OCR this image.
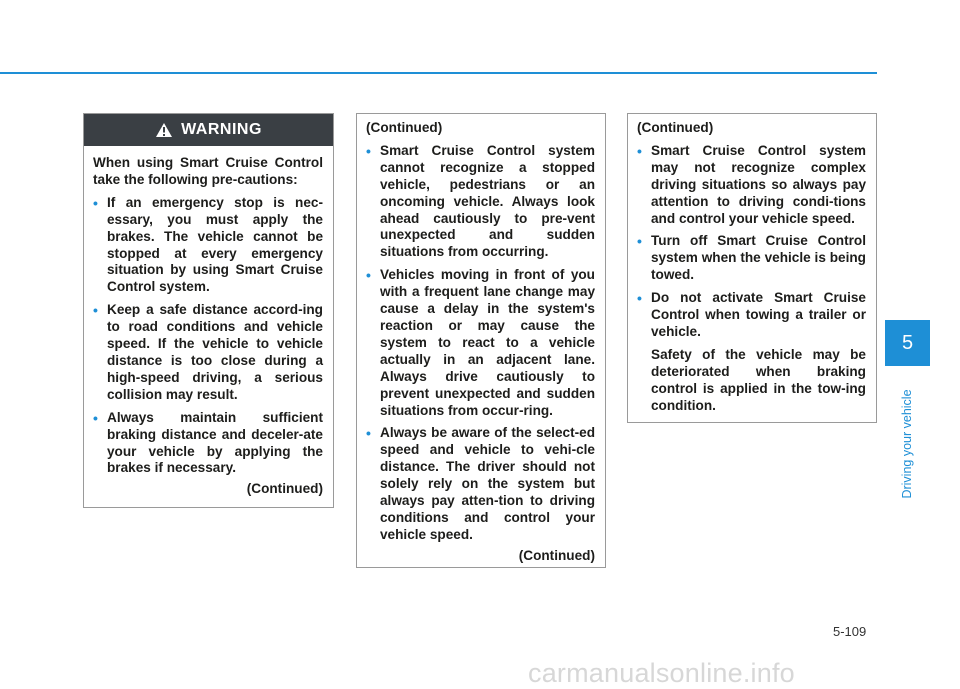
WARNING

When using Smart Cruise Control take the following pre-cautions:

• If an emergency stop is nec-essary, you must apply the brakes. The vehicle cannot be stopped at every emergency situation by using Smart Cruise Control system.
• Keep a safe distance accord-ing to road conditions and vehicle speed. If the vehicle to vehicle distance is too close during a high-speed driving, a serious collision may result.
• Always maintain sufficient braking distance and deceler-ate your vehicle by applying the brakes if necessary.

(Continued)

(Continued)

• Smart Cruise Control system cannot recognize a stopped vehicle, pedestrians or an oncoming vehicle. Always look ahead cautiously to pre-vent unexpected and sudden situations from occurring.
• Vehicles moving in front of you with a frequent lane change may cause a delay in the system's reaction or may cause the system to react to a vehicle actually in an adjacent lane. Always drive cautiously to prevent unexpected and sudden situations from occur-ring.
• Always be aware of the select-ed speed and vehicle to vehi-cle distance. The driver should not solely rely on the system but always pay atten-tion to driving conditions and control your vehicle speed.

(Continued)

(Continued)

• Smart Cruise Control system may not recognize complex driving situations so always pay attention to driving condi-tions and control your vehicle speed.
• Turn off Smart Cruise Control system when the vehicle is being towed.
• Do not activate Smart Cruise Control when towing a trailer or vehicle.

Safety of the vehicle may be deteriorated when braking control is applied in the tow-ing condition.

5
Driving your vehicle
5-109
carmanualsonline.info
